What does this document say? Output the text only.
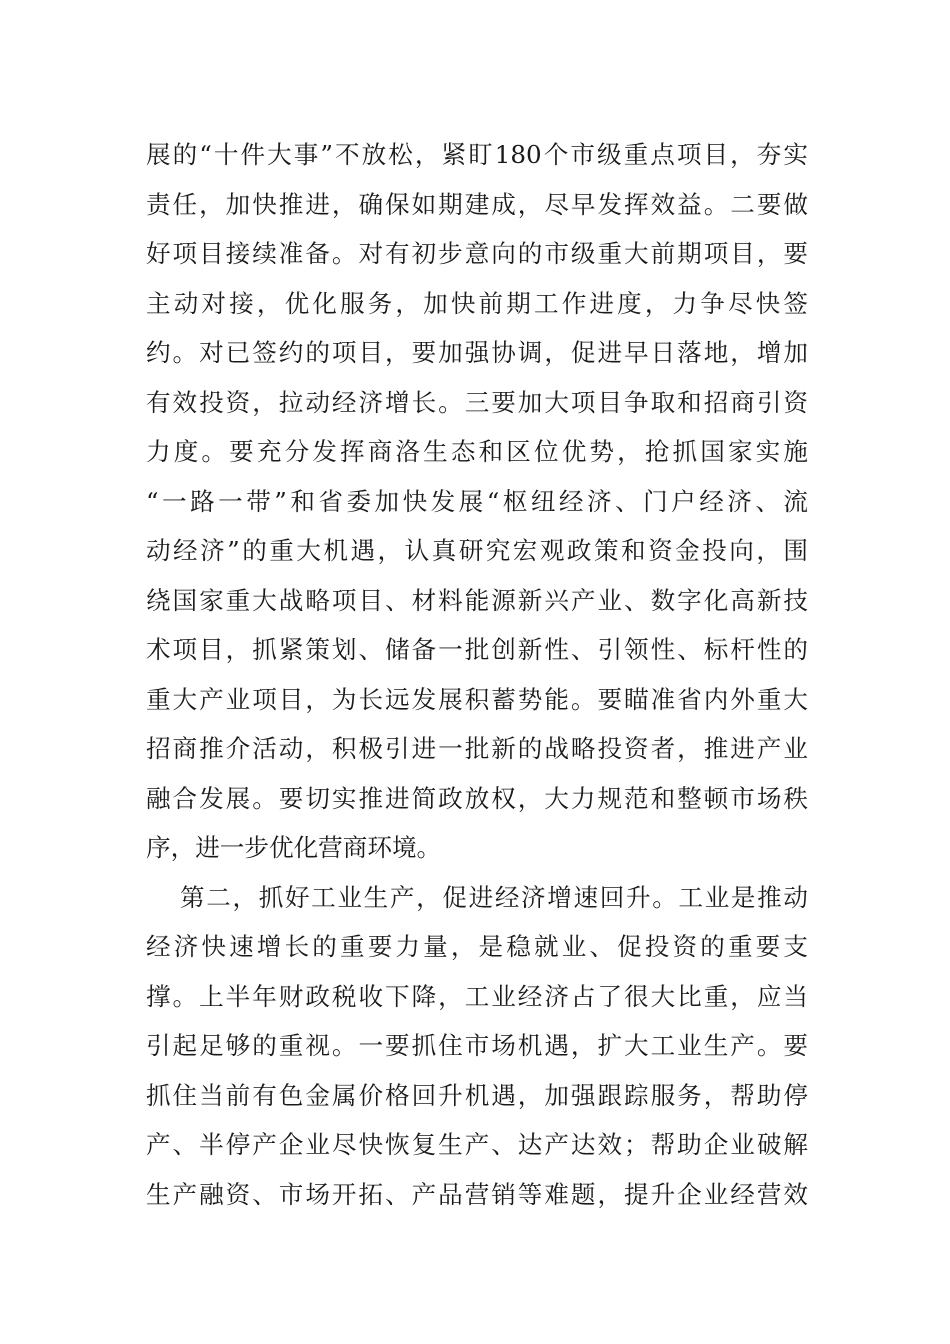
展的“十件大事”不放松，紧盯180个市级重点项目，夯实
责任，加快推进，确保如期建成，尽早发挥效益。二要做
好项目接续准备。对有初步意向的市级重大前期项目，要
主动对接，优化服务，加快前期工作进度，力争尽快签
约。对已签约的项目，要加强协调，促进早日落地，增加
有效投资，拉动经济增长。三要加大项目争取和招商引资
力度。要充分发挥商洛生态和区位优势，抢抓国家实施
“一路一带”和省委加快发展“枢纽经济、门户经济、流
动经济”的重大机遇，认真研究宏观政策和资金投向，围
绕国家重大战略项目、材料能源新兴产业、数字化高新技
术项目，抓紧策划、储备一批创新性、引领性、标杆性的
重大产业项目，为长远发展积蓄势能。要瞄准省内外重大
招商推介活动，积极引进一批新的战略投资者，推进产业
融合发展。要切实推进简政放权，大力规范和整顿市场秩
序，进一步优化营商环境。
第二，抓好工业生产，促进经济增速回升。工业是推动
经济快速增长的重要力量，是稳就业、促投资的重要支
撑。上半年财政税收下降，工业经济占了很大比重，应当
引起足够的重视。一要抓住市场机遇，扩大工业生产。要
抓住当前有色金属价格回升机遇，加强跟踪服务，帮助停
产、半停产企业尽快恢复生产、达产达效；帮助企业破解
生产融资、市场开拓、产品营销等难题，提升企业经营效
